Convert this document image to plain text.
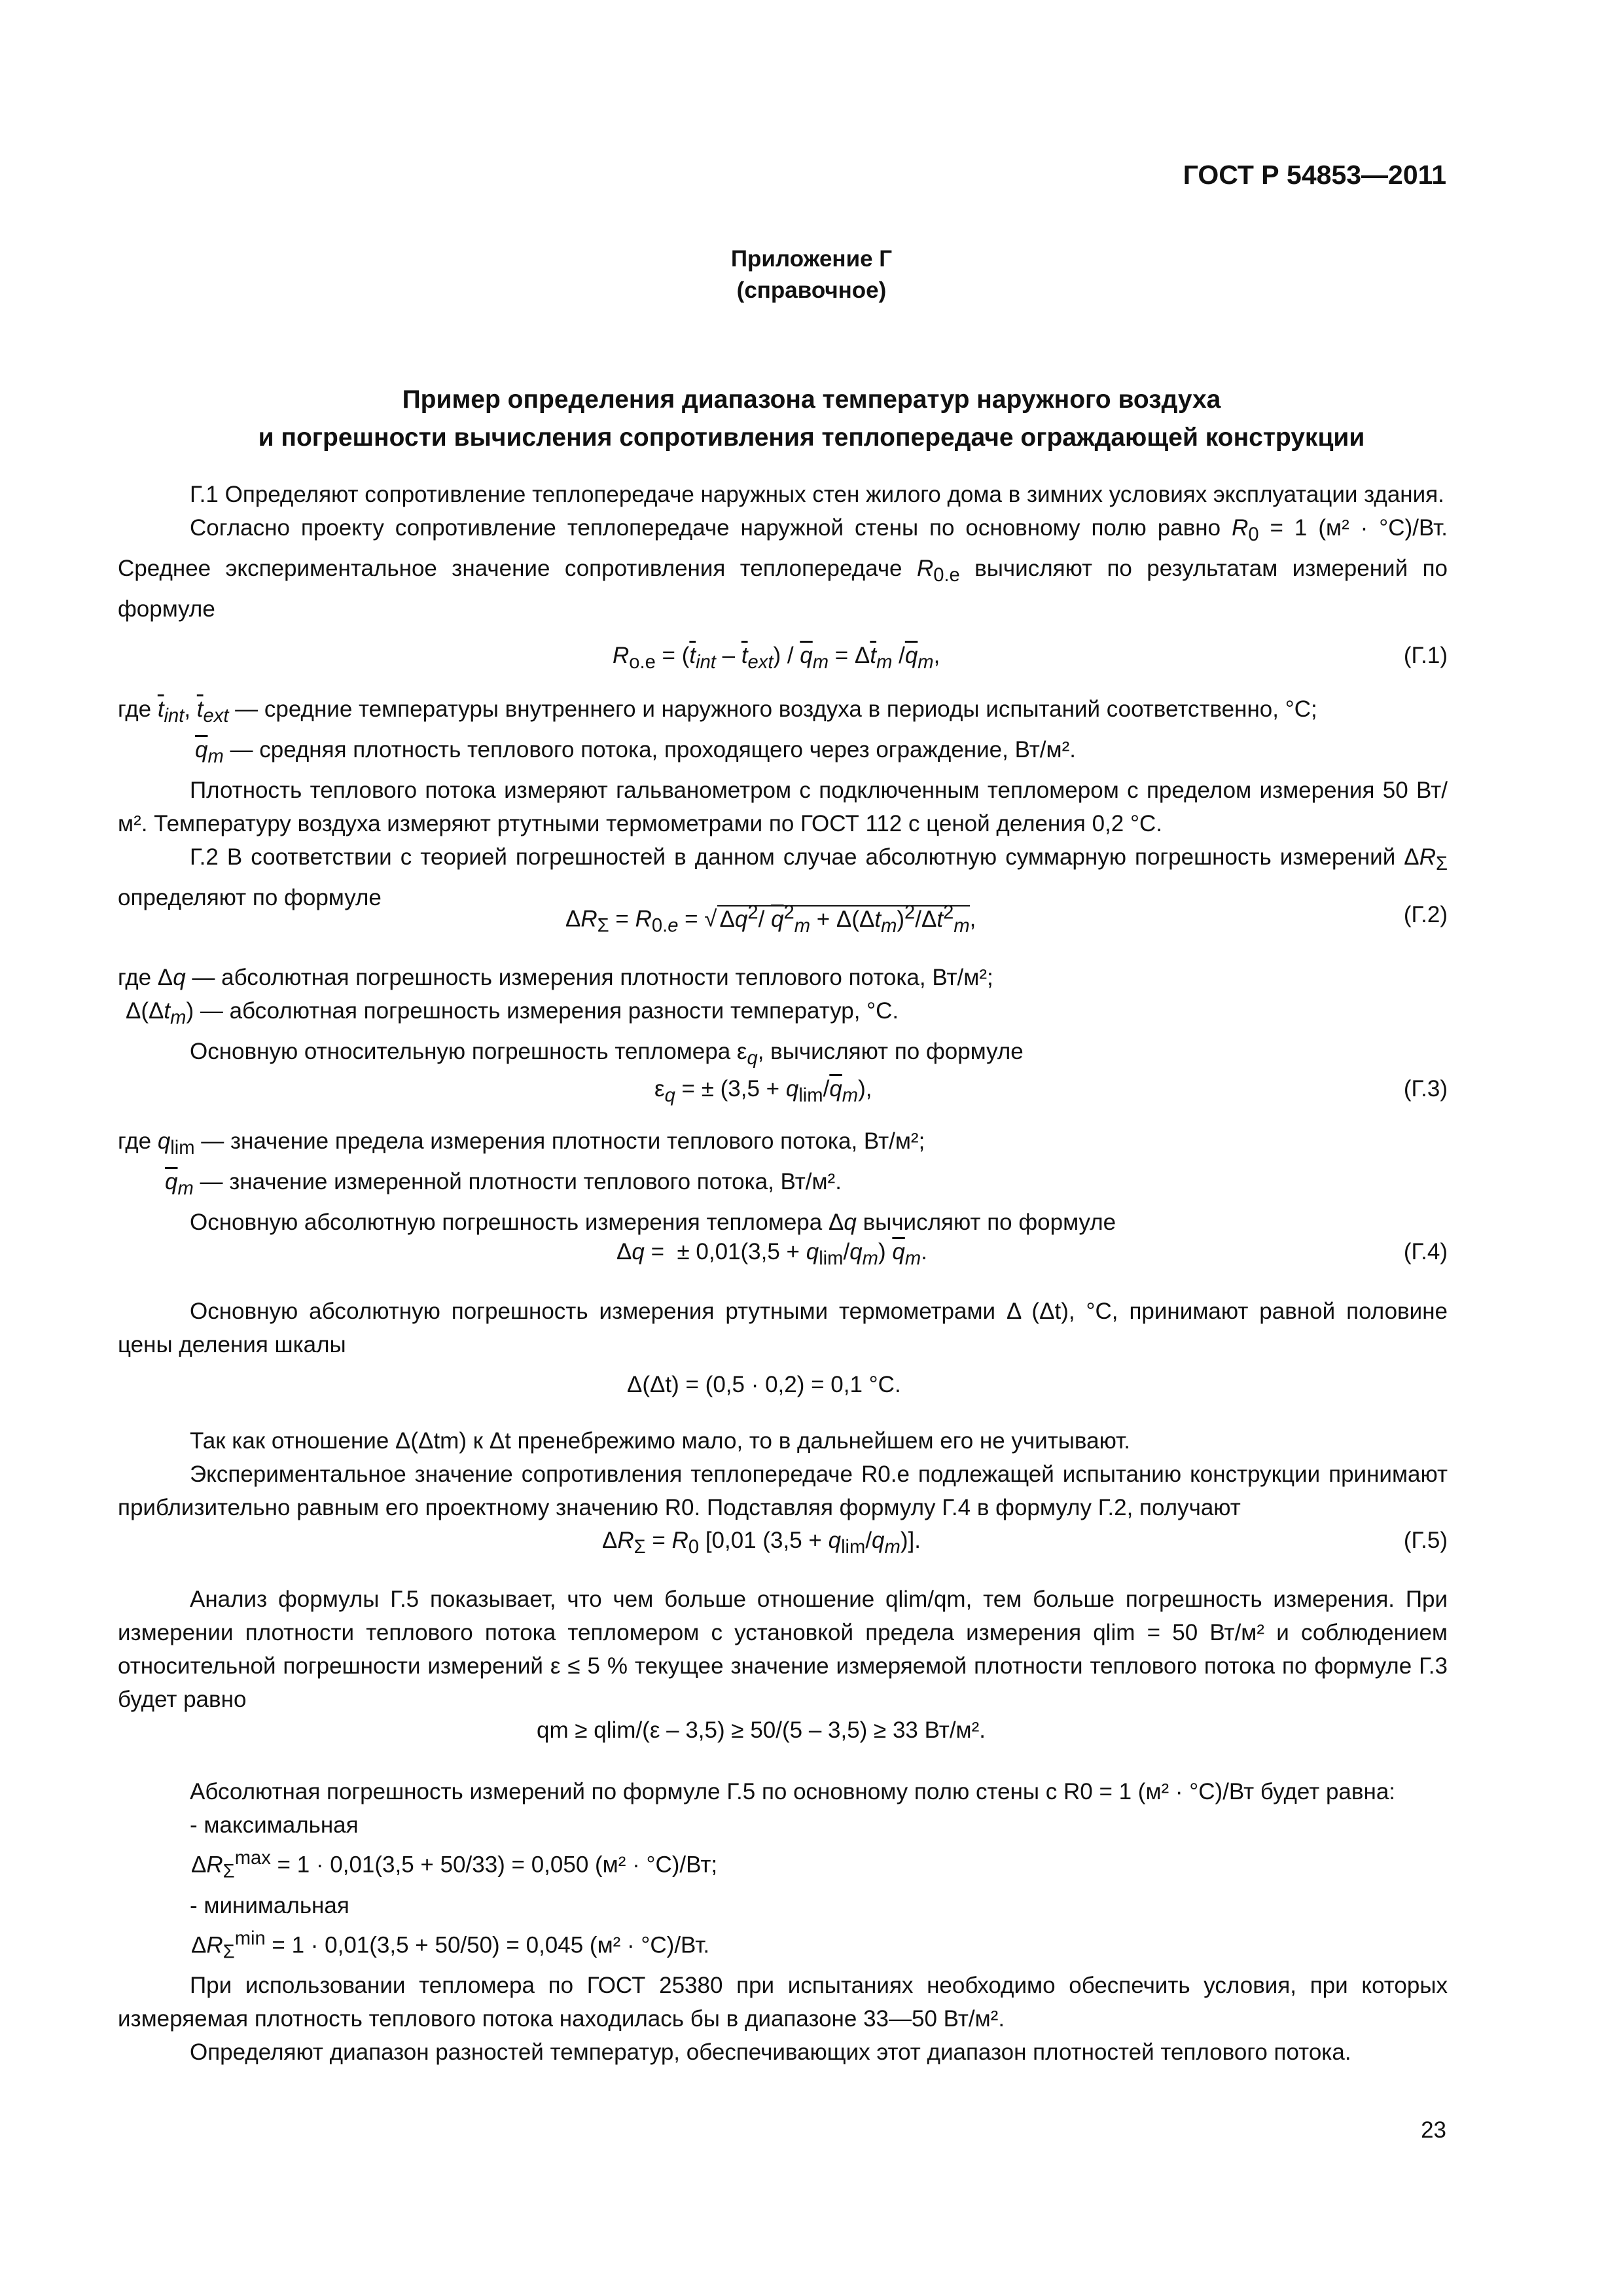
ГОСТ Р 54853—2011
Приложение Г
(справочное)
Пример определения диапазона температур наружного воздуха
и погрешности вычисления сопротивления теплопередаче ограждающей конструкции

Г.1 Определяют сопротивление теплопередаче наружных стен жилого дома в зимних условиях эксплуатации здания.

Согласно проекту сопротивление теплопередаче наружной стены по основному полю равно $R_0 = 1$ (м² · °С)/Вт. Среднее экспериментальное значение сопротивления теплопередаче $R_{0.e}$ вычисляют по результатам измерений по формуле

$R_{o.e} = (\overline{t}_{int} - \overline{t}_{ext}) / \overline{q}_m = \Delta\overline{t}_m$ $/\overline{q}_m$,	(Г.1)

где $\overline{t}_{int}$, $\overline{t}_{ext}$ — средние температуры внутреннего и наружного воздуха в периоды испытаний соответственно, °С;

$\overline{q}_m$ — средняя плотность теплового потока, проходящего через ограждение, Вт/м².

Плотность теплового потока измеряют гальванометром с подключенным тепломером с пределом измерения 50 Вт/м². Температуру воздуха измеряют ртутными термометрами по ГОСТ 112 с ценой деления 0,2 °С.

Г.2 В соответствии с теорией погрешностей в данном случае абсолютную суммарную погрешность измерений $\Delta R_\Sigma$ определяют по формуле

$\Delta R_\Sigma = R_{0.e}$ = √ $\Delta q^2/$ $\overline{q}^2_m + \Delta(\Delta t_m)^2/\Delta t^2_m$,	(Г.2)

где Δq — абсолютная погрешность измерения плотности теплового потока, Вт/м²;

$\Delta(\Delta t_m)$ — абсолютная погрешность измерения разности температур, °С.

Основную относительную погрешность тепломера $\varepsilon_q$, вычисляют по формуле

$\varepsilon_q$ = ± $(3,5 + q_{lim}/\overline{q}_m)$,	(Г.3)

где $q_{lim}$ — значение предела измерения плотности теплового потока, Вт/м²;

$\overline{q}_m$ — значение измеренной плотности теплового потока, Вт/м².

Основную абсолютную погрешность измерения тепломера Δq вычисляют по формуле

Δq =  ± $0,01(3,5 + q_{lim}/q_m)$ $\overline{q}_m$.	(Г.4)

Основную абсолютную погрешность измерения ртутными термометрами Δ (Δt), °С, принимают равной половине цены деления шкалы

Δ(Δt) = (0,5 · 0,2) = 0,1 °С.

Так как отношение Δ(Δtm) к Δt пренебрежимо мало, то в дальнейшем его не учитывают.

Экспериментальное значение сопротивления теплопередаче R0.e подлежащей испытанию конструкции принимают приблизительно равным его проектному значению R0. Подставляя формулу Г.4 в формулу Г.2, получают

$\Delta R_\Sigma = R_0$ [0,01 $(3,5 + q_{lim}/q_m)$].	(Г.5)

Анализ формулы Г.5 показывает, что чем больше отношение qlim/qm, тем больше погрешность измерения. При измерении плотности теплового потока тепломером с установкой предела измерения qlim = 50 Вт/м² и соблюдением относительной погрешности измерений ε ≤ 5 % текущее значение измеряемой плотности теплового потока по формуле Г.3 будет равно

qm ≥ qlim/(ε – 3,5) ≥ 50/(5 – 3,5) ≥ 33 Вт/м².

Абсолютная погрешность измерений по формуле Г.5 по основному полю стены с R0 = 1 (м² · °С)/Вт будет равна:

- максимальная

$\Delta R_\Sigma^{max} = 1 \cdot 0,01(3,5 + 50/33) = 0,050$ (м² · °С)/Вт;

- минимальная

$\Delta R_\Sigma^{min} = 1 \cdot 0,01(3,5 + 50/50) = 0,045$ (м² · °С)/Вт.

При использовании тепломера по ГОСТ 25380 при испытаниях необходимо обеспечить условия, при которых измеряемая плотность теплового потока находилась бы в диапазоне 33—50 Вт/м².

Определяют диапазон разностей температур, обеспечивающих этот диапазон плотностей теплового потока.

23
